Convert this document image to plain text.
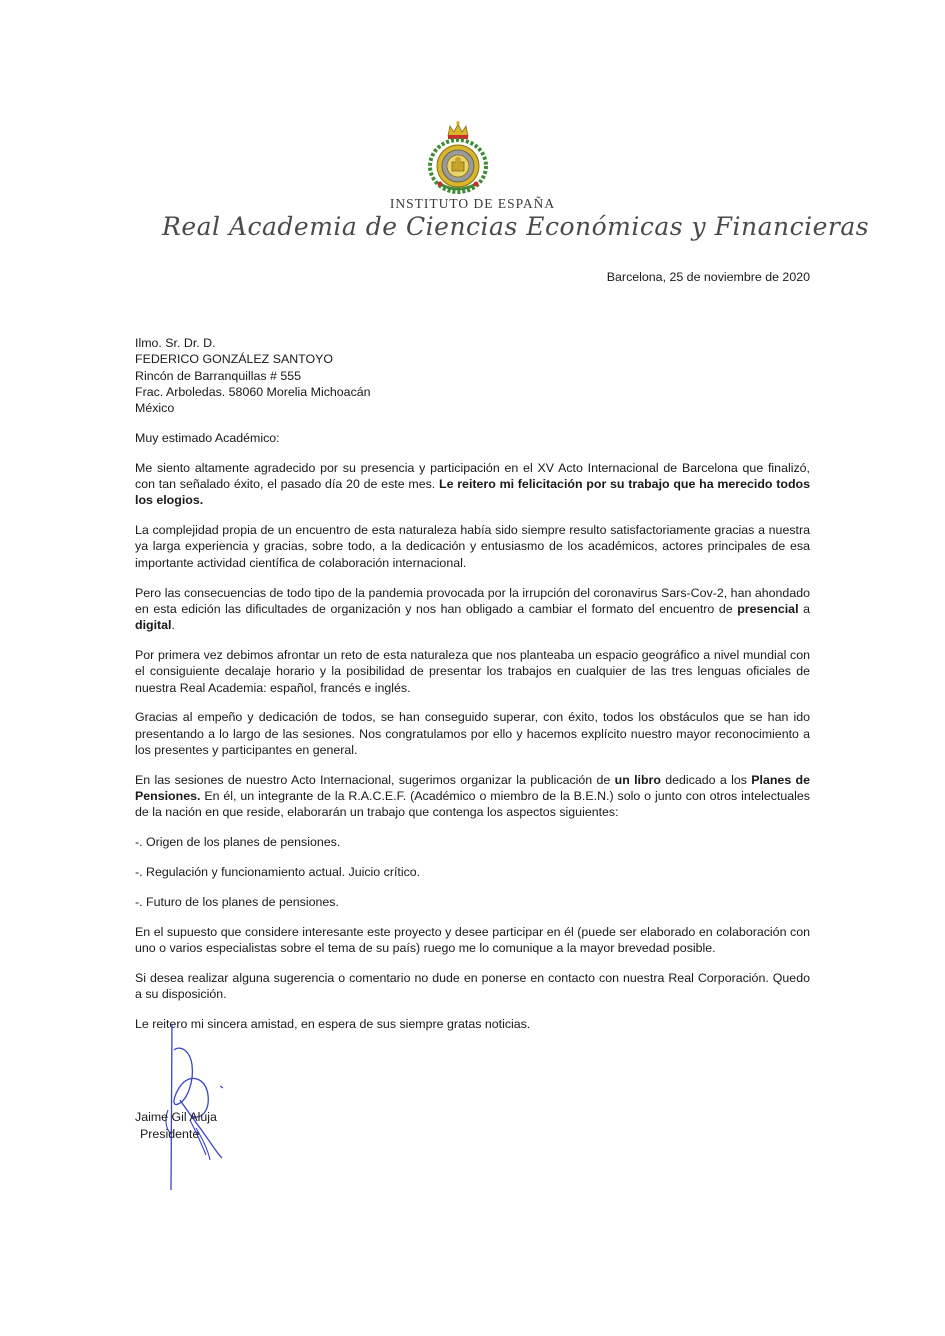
INSTITUTO DE ESPAÑA
Real Academia de Ciencias Económicas y Financieras
Barcelona, 25 de noviembre de 2020
Ilmo. Sr. Dr. D.
FEDERICO GONZÁLEZ SANTOYO
Rincón de Barranquillas # 555
Frac. Arboledas. 58060 Morelia Michoacán
México

Muy estimado Académico:

Me siento altamente agradecido por su presencia y participación en el XV Acto Internacional de Barcelona que finalizó, con tan señalado éxito, el pasado día 20 de este mes. Le reitero mi felicitación por su trabajo que ha merecido todos los elogios.

La complejidad propia de un encuentro de esta naturaleza había sido siempre resulto satisfactoriamente gracias a nuestra ya larga experiencia y gracias, sobre todo, a la dedicación y entusiasmo de los académicos, actores principales de esa importante actividad científica de colaboración internacional.

Pero las consecuencias de todo tipo de la pandemia provocada por la irrupción del coronavirus Sars-Cov-2, han ahondado en esta edición las dificultades de organización y nos han obligado a cambiar el formato del encuentro de presencial a digital.

Por primera vez debimos afrontar un reto de esta naturaleza que nos planteaba un espacio geográfico a nivel mundial con el consiguiente decalaje horario y la posibilidad de presentar los trabajos en cualquier de las tres lenguas oficiales de nuestra Real Academia: español, francés e inglés.

Gracias al empeño y dedicación de todos, se han conseguido superar, con éxito, todos los obstáculos que se han ido presentando a lo largo de las sesiones. Nos congratulamos por ello y hacemos explícito nuestro mayor reconocimiento a los presentes y participantes en general.

En las sesiones de nuestro Acto Internacional, sugerimos organizar la publicación de un libro dedicado a los Planes de Pensiones. En él, un integrante de la R.A.C.E.F. (Académico o miembro de la B.E.N.) solo o junto con otros intelectuales de la nación en que reside, elaborarán un trabajo que contenga los aspectos siguientes:

-. Origen de los planes de pensiones.

-. Regulación y funcionamiento actual. Juicio crítico.

-. Futuro de los planes de pensiones.

En el supuesto que considere interesante este proyecto y desee participar en él (puede ser elaborado en colaboración con uno o varios especialistas sobre el tema de su país) ruego me lo comunique a la mayor brevedad posible.

Si desea realizar alguna sugerencia o comentario no dude en ponerse en contacto con nuestra Real Corporación. Quedo a su disposición.

Le reitero mi sincera amistad, en espera de sus siempre gratas noticias.

Jaime Gil Aluja
Presidente
